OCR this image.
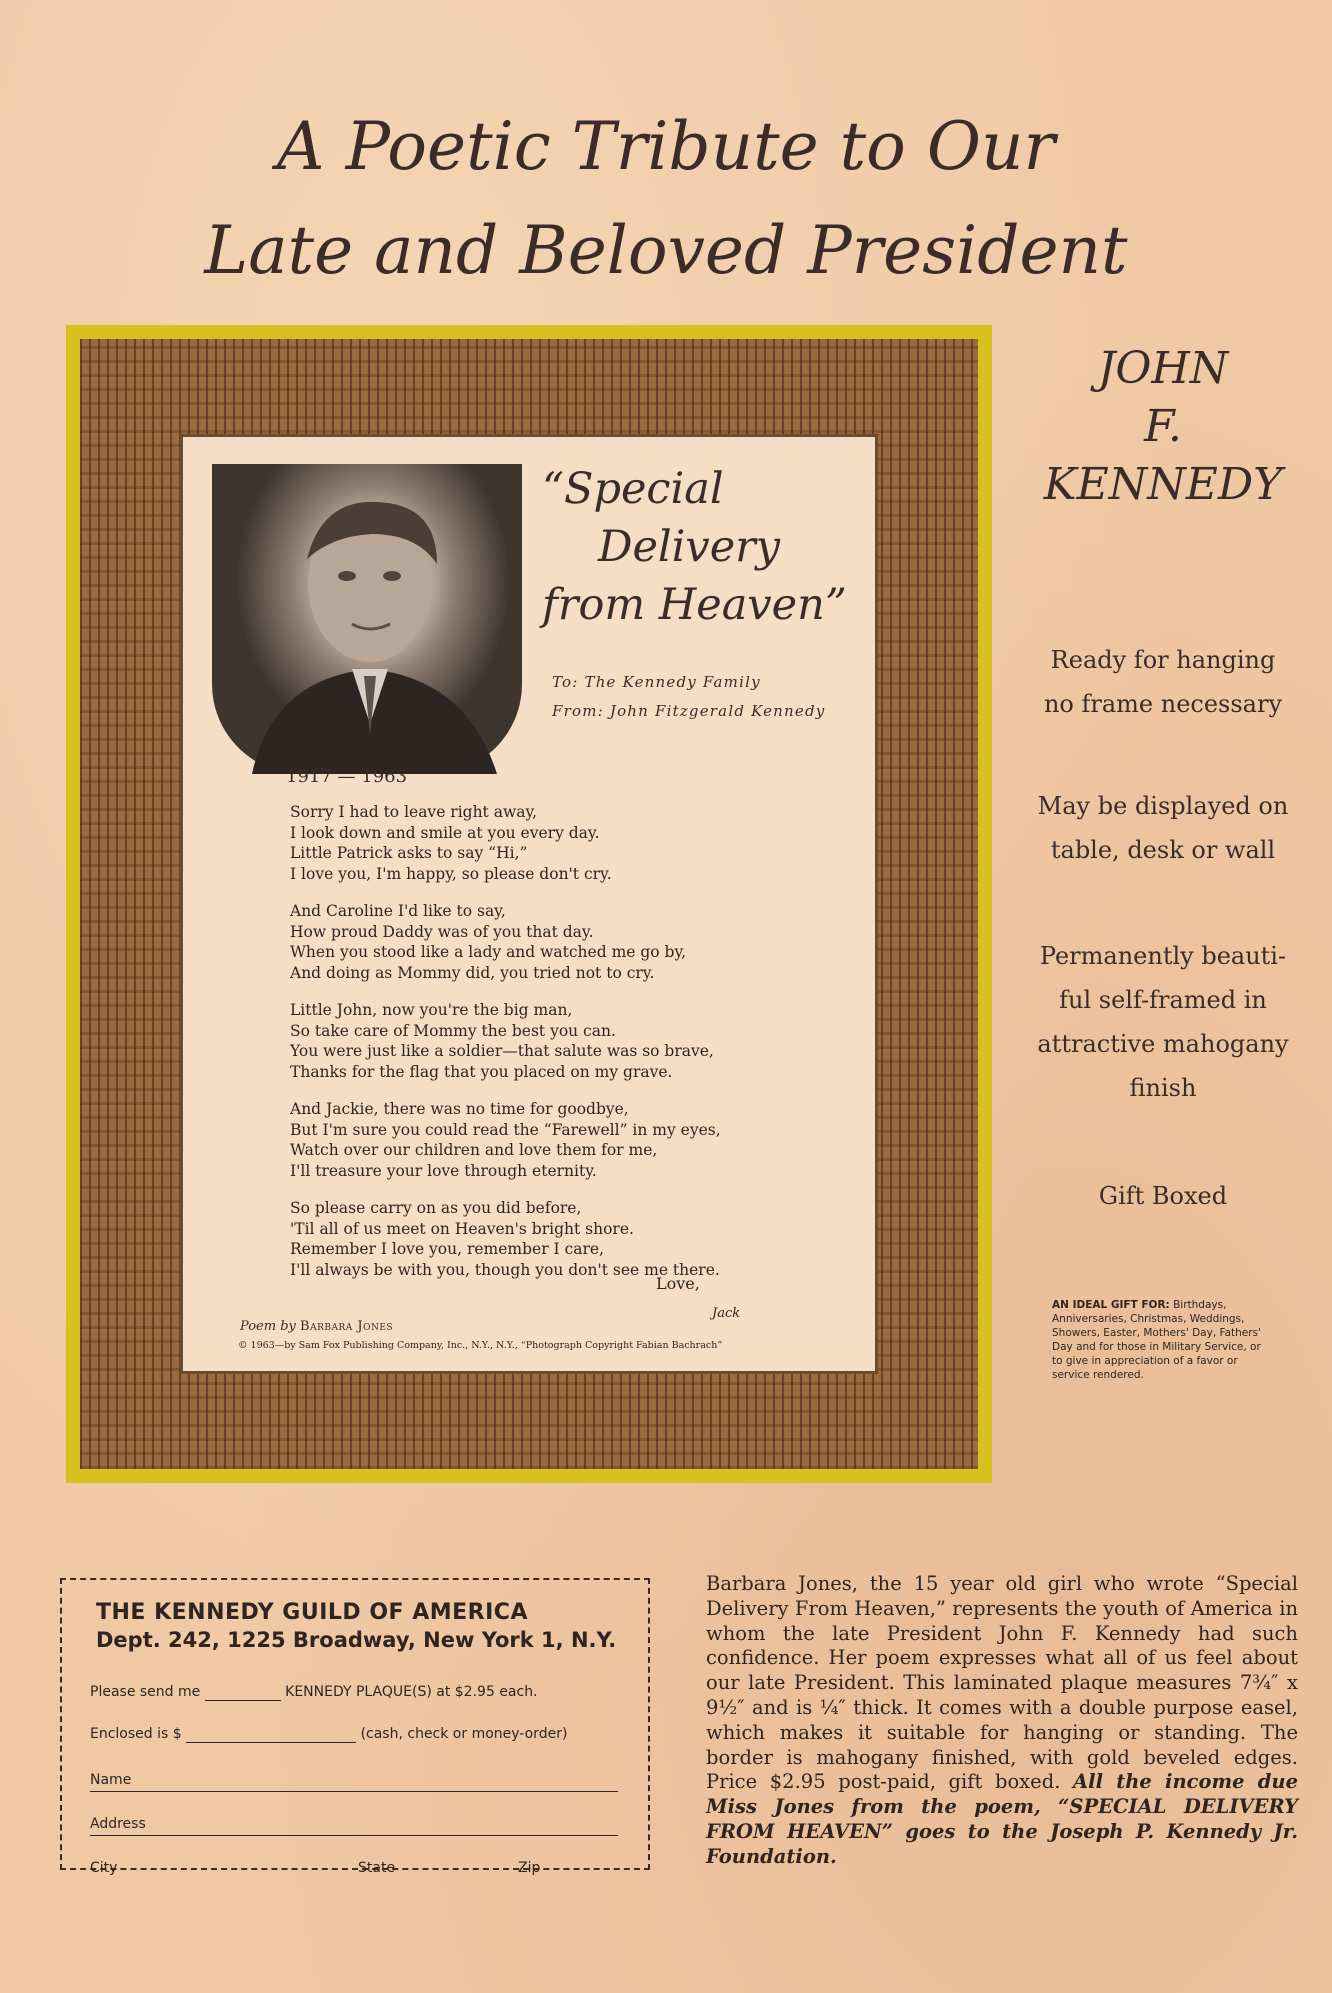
A Poetic Tribute to Our
Late and Beloved President
“Special
Delivery
from Heaven”
To: The Kennedy Family
From: John Fitzgerald Kennedy
1917 — 1963
Sorry I had to leave right away,
I look down and smile at you every day.
Little Patrick asks to say “Hi,”
I love you, I'm happy, so please don't cry.
And Caroline I'd like to say,
How proud Daddy was of you that day.
When you stood like a lady and watched me go by,
And doing as Mommy did, you tried not to cry.
Little John, now you're the big man,
So take care of Mommy the best you can.
You were just like a soldier—that salute was so brave,
Thanks for the flag that you placed on my grave.
And Jackie, there was no time for goodbye,
But I'm sure you could read the “Farewell” in my eyes,
Watch over our children and love them for me,
I'll treasure your love through eternity.
So please carry on as you did before,
'Til all of us meet on Heaven's bright shore.
Remember I love you, remember I care,
I'll always be with you, though you don't see me there.
Love,
Jack
Poem by Barbara Jones
© 1963—by Sam Fox Publishing Company, Inc., N.Y., N.Y., “Photograph Copyright Fabian Bachrach”
JOHN
F.
KENNEDY
Ready for hanging
no frame necessary
May be displayed on
table, desk or wall
Permanently beauti-
ful self-framed in
attractive mahogany
finish
Gift Boxed
AN IDEAL GIFT FOR: Birthdays, Anniversaries, Christmas, Weddings, Showers, Easter, Mothers' Day, Fathers' Day and for those in Military Service, or to give in appreciation of a favor or service rendered.
THE KENNEDY GUILD OF AMERICA
Dept. 242, 1225 Broadway, New York 1, N.Y.
Please send me	KENNEDY PLAQUE(S) at $2.95 each.
Enclosed is $	(cash, check or money-order)
Name
Address
City	State	Zip
Barbara Jones, the 15 year old girl who wrote “Special Delivery From Heaven,” represents the youth of America in whom the late President John F. Kennedy had such confidence. Her poem expresses what all of us feel about our late President. This laminated plaque measures 7¾″ x 9½″ and is ¼″ thick. It comes with a double purpose easel, which makes it suitable for hanging or standing. The border is mahogany finished, with gold beveled edges. Price $2.95 post-paid, gift boxed. All the income due Miss Jones from the poem, “SPECIAL DELIVERY FROM HEAVEN” goes to the Joseph P. Kennedy Jr. Foundation.
